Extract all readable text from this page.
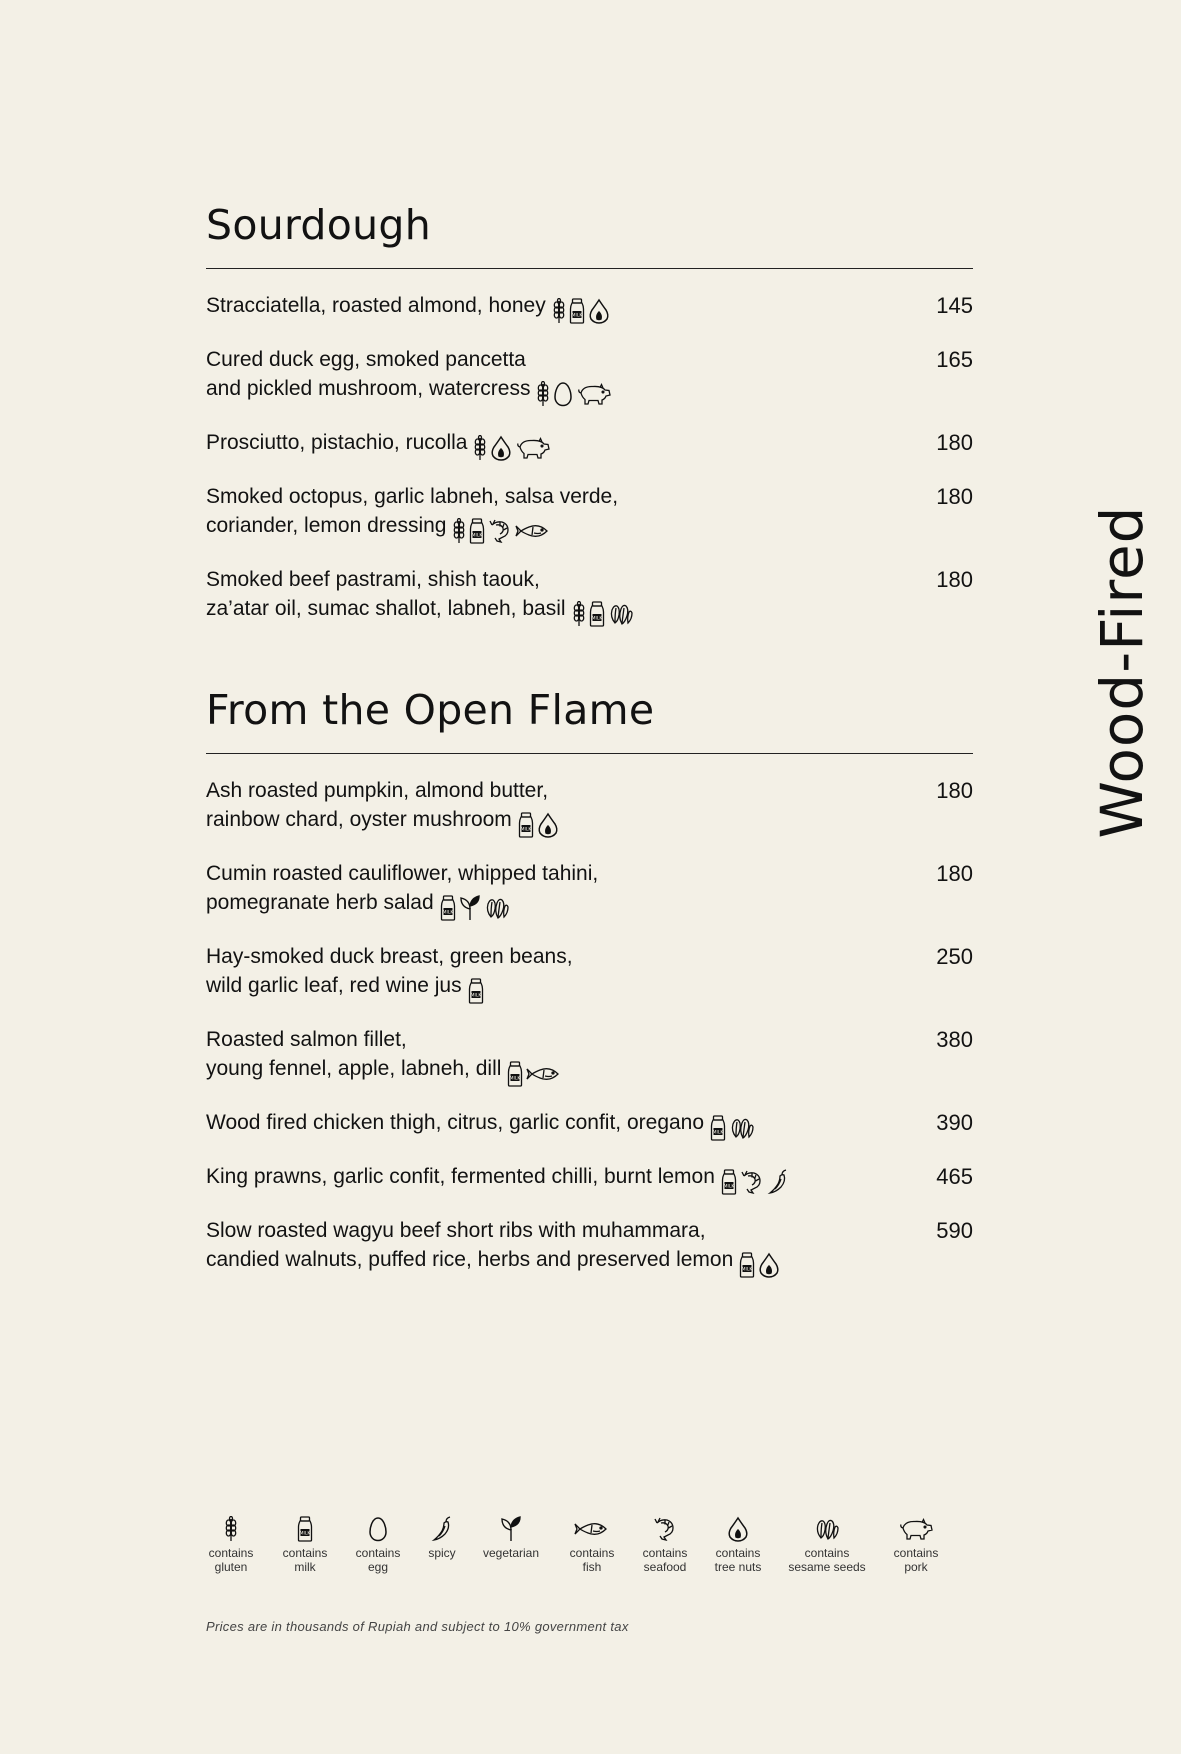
Wood-Fired
Sourdough
Stracciatella, roasted almond, honey	MILK	145
Cured duck egg, smoked pancetta
and pickled mushroom, watercress
165
Prosciutto, pistachio, rucolla	180
Smoked octopus, garlic labneh, salsa verde,
coriander, lemon dressing	MILK
180
Smoked beef pastrami, shish taouk,
za’atar oil, sumac shallot, labneh, basil	MILK
180
From the Open Flame
Ash roasted pumpkin, almond butter,
rainbow chard, oyster mushroom MILK
180
Cumin roasted cauliflower, whipped tahini,
pomegranate herb salad MILK
180
Hay-smoked duck breast, green beans,
wild garlic leaf, red wine jus MILK
250
Roasted salmon fillet,
young fennel, apple, labneh, dill MILK
380
Wood fired chicken thigh, citrus, garlic confit, oregano MILK	390
King prawns, garlic confit, fermented chilli, burnt lemon MILK	465
Slow roasted wagyu beef short ribs with muhammara,
candied walnuts, puffed rice, herbs and preserved lemon MILK
590
contains
gluten
MILK
contains
milk
contains
egg
spicy	vegetarian	contains
fish
contains
seafood
contains
tree nuts
contains
sesame seeds
contains
pork
Prices are in thousands of Rupiah and subject to 10% government tax
